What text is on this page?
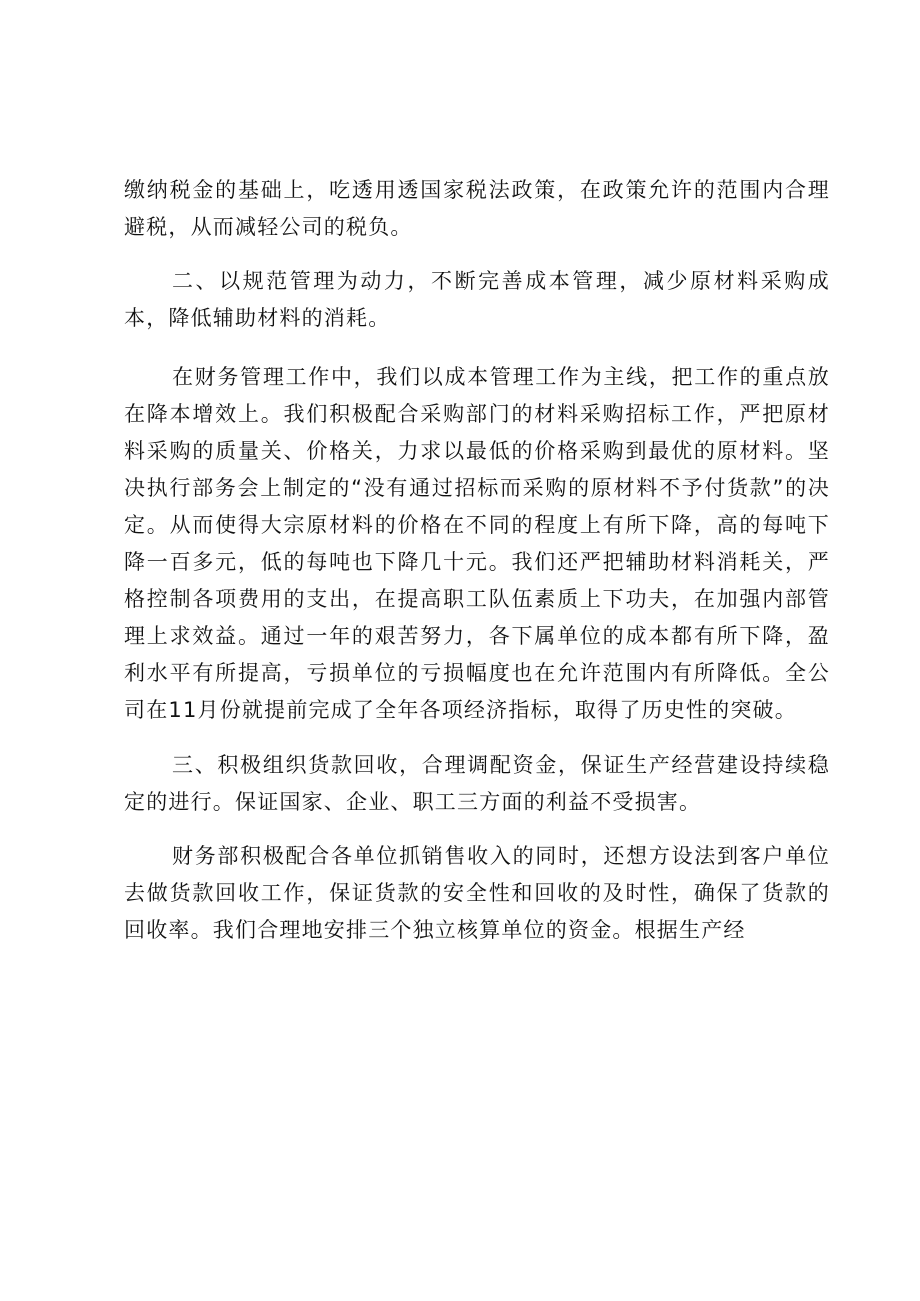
缴纳税金的基础上，吃透用透国家税法政策，在政策允许的范围内合理避税，从而减轻公司的税负。

二、以规范管理为动力，不断完善成本管理，减少原材料采购成本，降低辅助材料的消耗。

在财务管理工作中，我们以成本管理工作为主线，把工作的重点放在降本增效上。我们积极配合采购部门的材料采购招标工作，严把原材料采购的质量关、价格关，力求以最低的价格采购到最优的原材料。坚决执行部务会上制定的“没有通过招标而采购的原材料不予付货款”的决定。从而使得大宗原材料的价格在不同的程度上有所下降，高的每吨下降一百多元，低的每吨也下降几十元。我们还严把辅助材料消耗关，严格控制各项费用的支出，在提高职工队伍素质上下功夫，在加强内部管理上求效益。通过一年的艰苦努力，各下属单位的成本都有所下降，盈利水平有所提高，亏损单位的亏损幅度也在允许范围内有所降低。全公司在11月份就提前完成了全年各项经济指标，取得了历史性的突破。

三、积极组织货款回收，合理调配资金，保证生产经营建设持续稳定的进行。保证国家、企业、职工三方面的利益不受损害。

财务部积极配合各单位抓销售收入的同时，还想方设法到客户单位去做货款回收工作，保证货款的安全性和回收的及时性，确保了货款的回收率。我们合理地安排三个独立核算单位的资金。根据生产经
